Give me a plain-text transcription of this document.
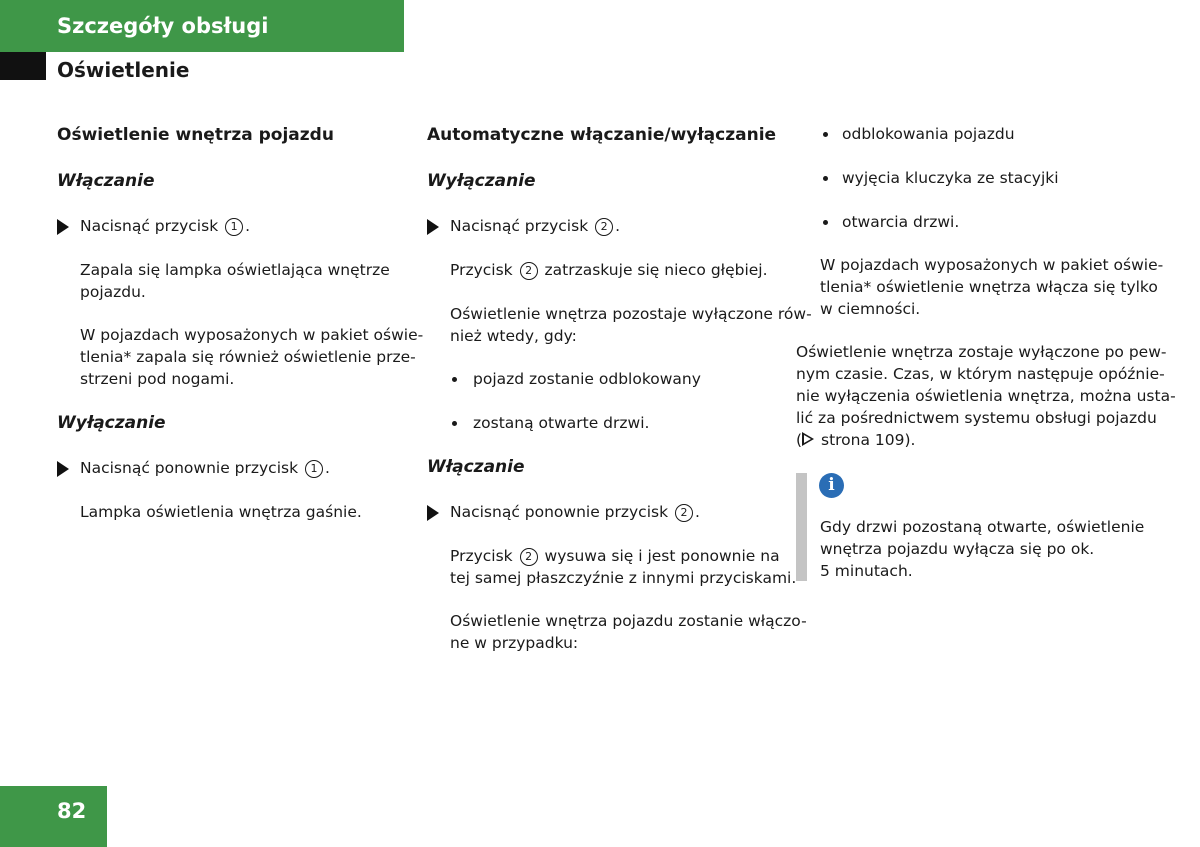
Szczegóły obsługi
Oświetlenie
Oświetlenie wnętrza pojazdu
Włączanie
Nacisnąć przycisk 1 .
Zapala się lampka oświetlająca wnętrze
pojazdu.
W pojazdach wyposażonych w pakiet oświe-
tlenia* zapala się również oświetlenie prze-
strzeni pod nogami.
Wyłączanie
Nacisnąć ponownie przycisk 1 .
Lampka oświetlenia wnętrza gaśnie.
Automatyczne włączanie/wyłączanie
Wyłączanie
Nacisnąć przycisk 2 .
Przycisk 2 zatrzaskuje się nieco głębiej.
Oświetlenie wnętrza pozostaje wyłączone rów-
nież wtedy, gdy:
pojazd zostanie odblokowany
zostaną otwarte drzwi.
Włączanie
Nacisnąć ponownie przycisk 2 .
Przycisk 2 wysuwa się i jest ponownie na
tej samej płaszczyźnie z innymi przyciskami.
Oświetlenie wnętrza pojazdu zostanie włączo-
ne w przypadku:
odblokowania pojazdu
wyjęcia kluczyka ze stacyjki
otwarcia drzwi.
W pojazdach wyposażonych w pakiet oświe-
tlenia* oświetlenie wnętrza włącza się tylko
w ciemności.
Oświetlenie wnętrza zostaje wyłączone po pew-
nym czasie. Czas, w którym następuje opóźnie-
nie wyłączenia oświetlenia wnętrza, można usta-
lić za pośrednictwem systemu obsługi pojazdu
( strona 109).
i
Gdy drzwi pozostaną otwarte, oświetlenie
wnętrza pojazdu wyłącza się po ok.
5 minutach.
82
